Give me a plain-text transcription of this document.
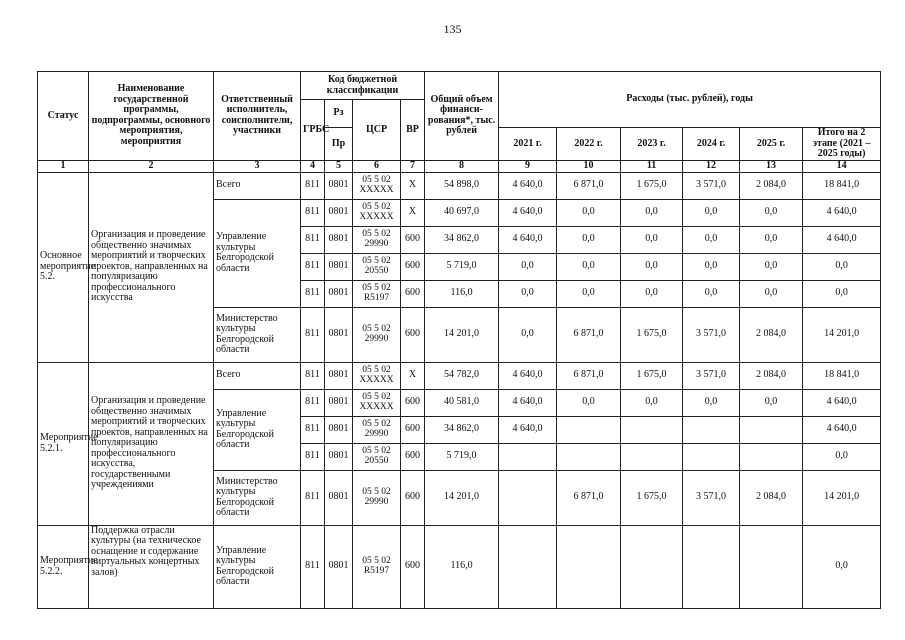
135
Статус	Наименование государственной программы, подпрограммы, основного мероприятия, мероприятия	Ответственный исполнитель, соисполнители, участники	Код бюджетной классификации				Общий объем финанси-рования*, тыс. рублей	Расходы (тыс. рублей), годы					
			ГРБС	Рз	ЦСР	ВР							
				Пр				2021 г.	2022 г.	2023 г.	2024 г.	2025 г.	Итого на 2 этапе (2021 – 2025 годы)
1	2	3	4	5	6	7	8	9	10	11	12	13	14
Основное мероприятие 5.2.	Организация и проведение общественно значимых мероприятий и творческих проектов, направленных на популяризацию профессионального искусства	Всего	811	0801	05 5 02 XXXXX	X	54 898,0	4 640,0	6 871,0	1 675,0	3 571,0	2 084,0	18 841,0
		Управление культуры Белгородской области	811	0801	05 5 02 XXXXX	X	40 697,0	4 640,0	0,0	0,0	0,0	0,0	4 640,0
			811	0801	05 5 02 29990	600	34 862,0	4 640,0	0,0	0,0	0,0	0,0	4 640,0
			811	0801	05 5 02 20550	600	5 719,0	0,0	0,0	0,0	0,0	0,0	0,0
			811	0801	05 5 02 R5197	600	116,0	0,0	0,0	0,0	0,0	0,0	0,0
		Министерство культуры Белгородской области	811	0801	05 5 02 29990	600	14 201,0	0,0	6 871,0	1 675,0	3 571,0	2 084,0	14 201,0
Мероприятие 5.2.1.	Организация и проведение общественно значимых мероприятий и творческих проектов, направленных на популяризацию профессионального искусства, государственными учреждениями	Всего	811	0801	05 5 02 XXXXX	X	54 782,0	4 640,0	6 871,0	1 675,0	3 571,0	2 084,0	18 841,0
		Управление культуры Белгородской области	811	0801	05 5 02 XXXXX	600	40 581,0	4 640,0	0,0	0,0	0,0	0,0	4 640,0
			811	0801	05 5 02 29990	600	34 862,0	4 640,0					4 640,0
			811	0801	05 5 02 20550	600	5 719,0						0,0
		Министерство культуры Белгородской области	811	0801	05 5 02 29990	600	14 201,0		6 871,0	1 675,0	3 571,0	2 084,0	14 201,0
Мероприятие 5.2.2.	Поддержка отрасли культуры (на техническое оснащение и содержание виртуальных концертных залов)	Управление культуры Белгородской области	811	0801	05 5 02 R5197	600	116,0						0,0
